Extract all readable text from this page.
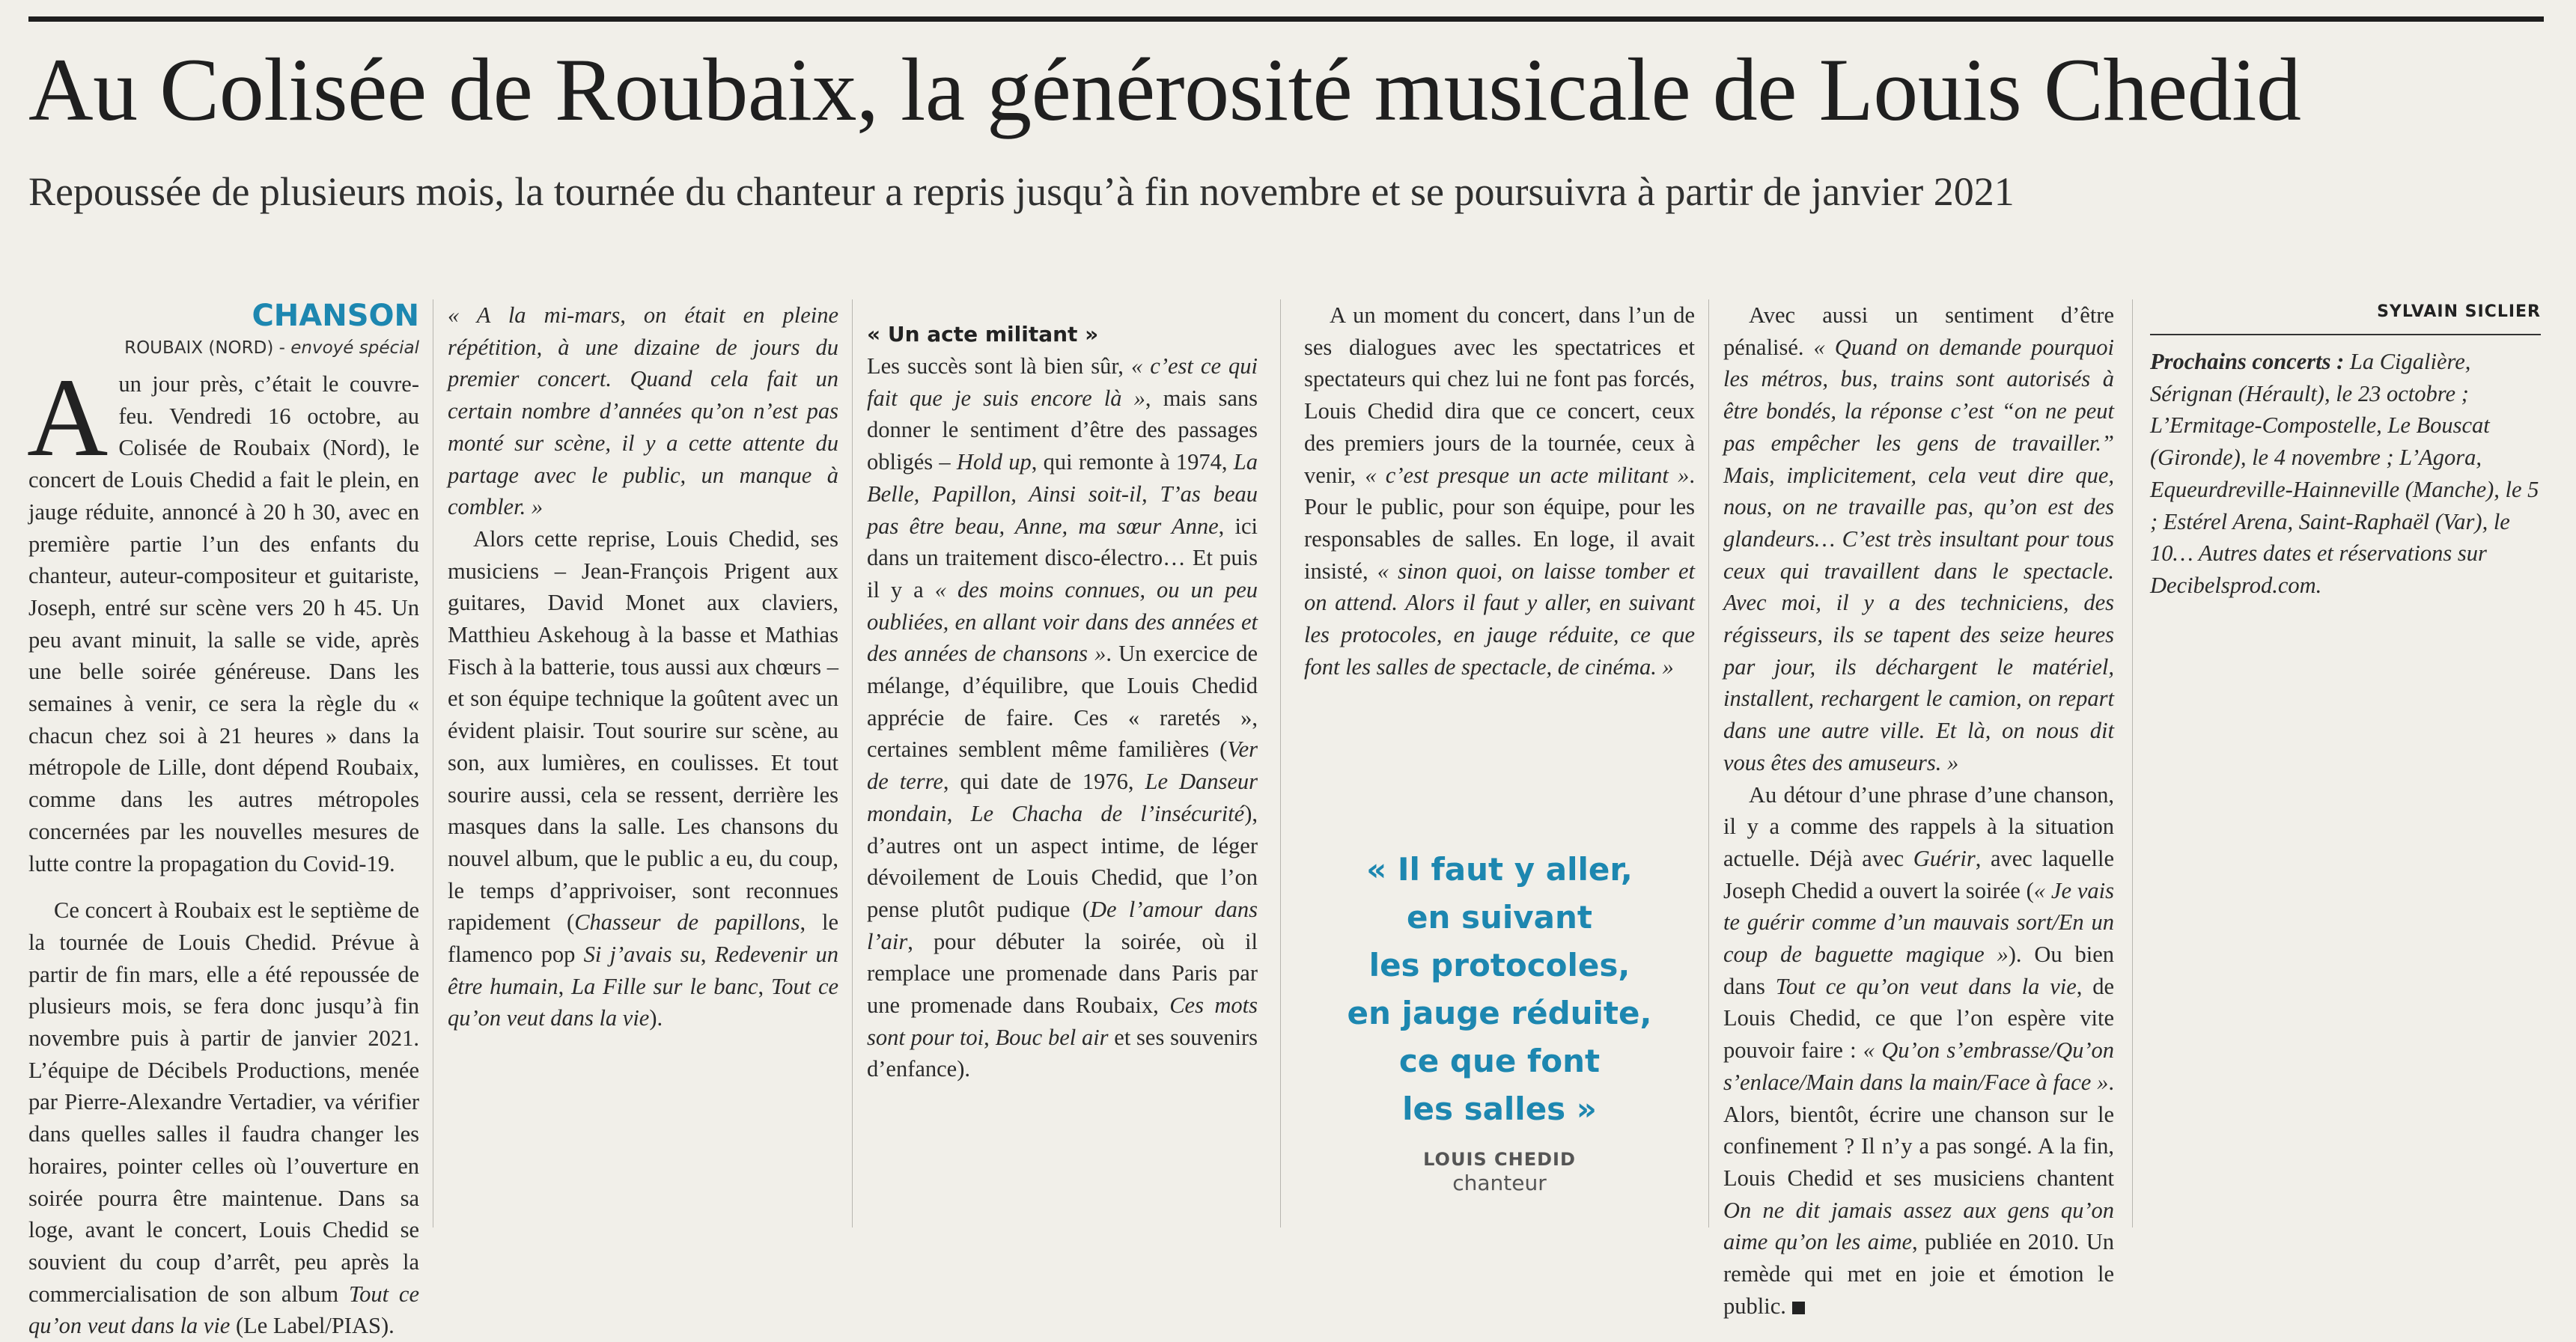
Au Colisée de Roubaix, la générosité musicale de Louis Chedid
Repoussée de plusieurs mois, la tournée du chanteur a repris jusqu’à fin novembre et se poursuivra à partir de janvier 2021
CHANSON
ROUBAIX (NORD) - envoyé spécial

Aun jour près, c’était le couvre-feu. Vendredi 16 octobre, au Colisée de Roubaix (Nord), le concert de Louis Chedid a fait le plein, en jauge réduite, annoncé à 20 h 30, avec en première partie l’un des enfants du chanteur, auteur-compositeur et guitariste, Joseph, entré sur scène vers 20 h 45. Un peu avant minuit, la salle se vide, après une belle soirée généreuse. Dans les semaines à venir, ce sera la règle du « chacun chez soi à 21 heures » dans la métropole de Lille, dont dépend Roubaix, comme dans les autres métropoles concernées par les nouvelles mesures de lutte contre la propagation du Covid-19.

Ce concert à Roubaix est le septième de la tournée de Louis Chedid. Prévue à partir de fin mars, elle a été repoussée de plusieurs mois, se fera donc jusqu’à fin novembre puis à partir de janvier 2021. L’équipe de Décibels Productions, menée par Pierre-Alexandre Vertadier, va vérifier dans quelles salles il faudra changer les horaires, pointer celles où l’ouverture en soirée pourra être maintenue. Dans sa loge, avant le concert, Louis Chedid se souvient du coup d’arrêt, peu après la commercialisation de son album Tout ce qu’on veut dans la vie (Le Label/PIAS).

« A la mi-mars, on était en pleine répétition, à une dizaine de jours du premier concert. Quand cela fait un certain nombre d’années qu’on n’est pas monté sur scène, il y a cette attente du partage avec le public, un manque à combler. »

Alors cette reprise, Louis Chedid, ses musiciens – Jean-François Prigent aux guitares, David Monet aux claviers, Matthieu Askehoug à la basse et Mathias Fisch à la batterie, tous aussi aux chœurs – et son équipe technique la goûtent avec un évident plaisir. Tout sourire sur scène, au son, aux lumières, en coulisses. Et tout sourire aussi, cela se ressent, derrière les masques dans la salle. Les chansons du nouvel album, que le public a eu, du coup, le temps d’apprivoiser, sont reconnues rapidement (Chasseur de papillons, le flamenco pop Si j’avais su, Redevenir un être humain, La Fille sur le banc, Tout ce qu’on veut dans la vie).

« Un acte militant »

Les succès sont là bien sûr, « c’est ce qui fait que je suis encore là », mais sans donner le sentiment d’être des passages obligés – Hold up, qui remonte à 1974, La Belle, Papillon, Ainsi soit-il, T’as beau pas être beau, Anne, ma sœur Anne, ici dans un traitement disco-électro… Et puis il y a « des moins connues, ou un peu oubliées, en allant voir dans des années et des années de chansons ». Un exercice de mélange, d’équilibre, que Louis Chedid apprécie de faire. Ces « raretés », certaines semblent même familières (Ver de terre, qui date de 1976, Le Danseur mondain, Le Chacha de l’insécurité), d’autres ont un aspect intime, de léger dévoilement de Louis Chedid, que l’on pense plutôt pudique (De l’amour dans l’air, pour débuter la soirée, où il remplace une promenade dans Paris par une promenade dans Roubaix, Ces mots sont pour toi, Bouc bel air et ses souvenirs d’enfance).

A un moment du concert, dans l’un de ses dialogues avec les spectatrices et spectateurs qui chez lui ne font pas forcés, Louis Chedid dira que ce concert, ceux des premiers jours de la tournée, ceux à venir, « c’est presque un acte militant ». Pour le public, pour son équipe, pour les responsables de salles. En loge, il avait insisté, « sinon quoi, on laisse tomber et on attend. Alors il faut y aller, en suivant les protocoles, en jauge réduite, ce que font les salles de spectacle, de cinéma. »

« Il faut y aller,
en suivant
les protocoles,
en jauge réduite,
ce que font
les salles »
LOUIS CHEDID
chanteur

Avec aussi un sentiment d’être pénalisé. « Quand on demande pourquoi les métros, bus, trains sont autorisés à être bondés, la réponse c’est “on ne peut pas empêcher les gens de travailler.” Mais, implicitement, cela veut dire que, nous, on ne travaille pas, qu’on est des glandeurs… C’est très insultant pour tous ceux qui travaillent dans le spectacle. Avec moi, il y a des techniciens, des régisseurs, ils se tapent des seize heures par jour, ils déchargent le matériel, installent, rechargent le camion, on repart dans une autre ville. Et là, on nous dit vous êtes des amuseurs. »

Au détour d’une phrase d’une chanson, il y a comme des rappels à la situation actuelle. Déjà avec Guérir, avec laquelle Joseph Chedid a ouvert la soirée (« Je vais te guérir comme d’un mauvais sort/En un coup de baguette magique »). Ou bien dans Tout ce qu’on veut dans la vie, de Louis Chedid, ce que l’on espère vite pouvoir faire : « Qu’on s’embrasse/Qu’on s’enlace/Main dans la main/Face à face ». Alors, bientôt, écrire une chanson sur le confinement ? Il n’y a pas songé. A la fin, Louis Chedid et ses musiciens chantent On ne dit jamais assez aux gens qu’on aime qu’on les aime, publiée en 2010. Un remède qui met en joie et émotion le public.

SYLVAIN SICLIER

Prochains concerts : La Cigalière, Sérignan (Hérault), le 23 octobre ; L’Ermitage-Compostelle, Le Bouscat (Gironde), le 4 novembre ; L’Agora, Equeurdreville-Hainneville (Manche), le 5 ; Estérel Arena, Saint-Raphaël (Var), le 10… Autres dates et réservations sur Decibelsprod.com.
